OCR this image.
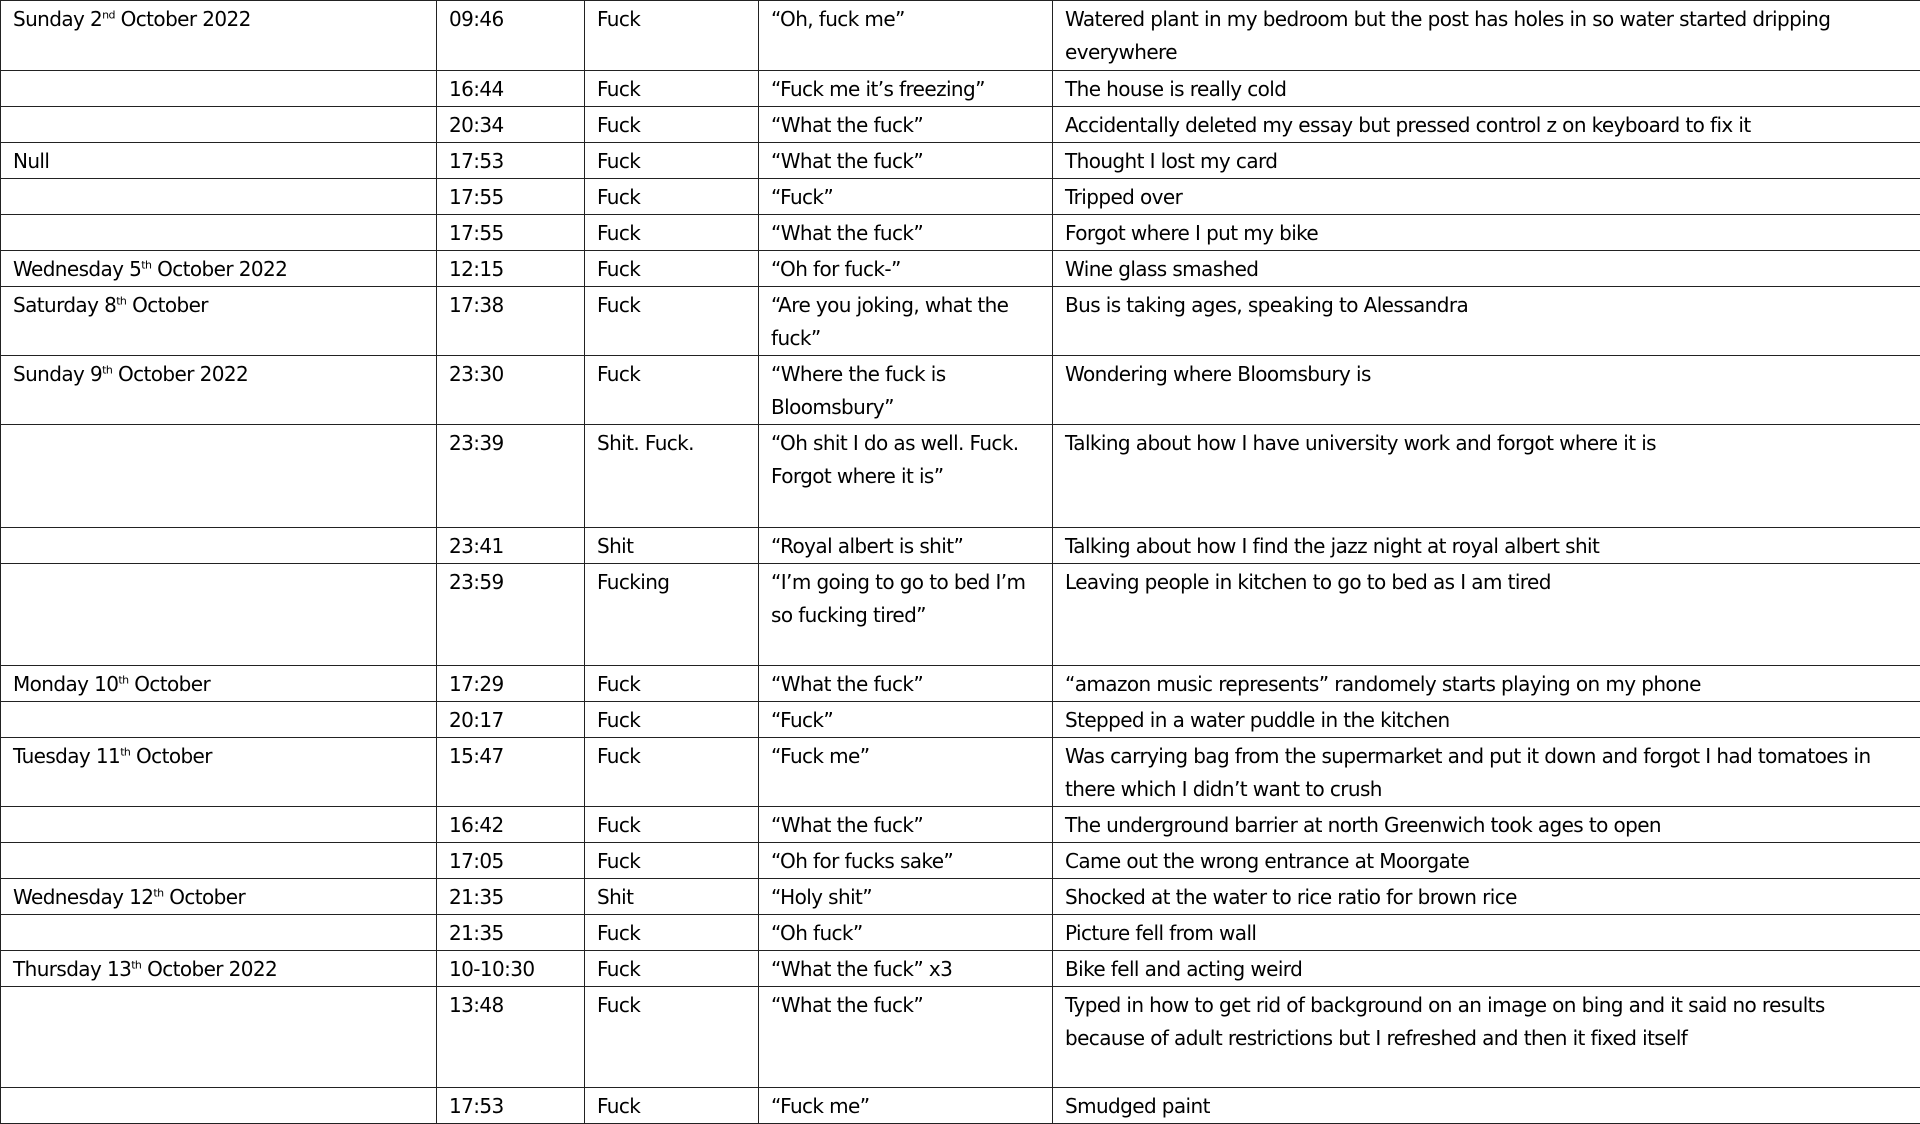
Sunday 2nd October 2022	09:46	Fuck	“Oh, fuck me”	Watered plant in my bedroom but the post has holes in so water started dripping everywhere
	16:44	Fuck	“Fuck me it’s freezing”	The house is really cold
	20:34	Fuck	“What the fuck”	Accidentally deleted my essay but pressed control z on keyboard to fix it
Null	17:53	Fuck	“What the fuck”	Thought I lost my card
	17:55	Fuck	“Fuck”	Tripped over
	17:55	Fuck	“What the fuck”	Forgot where I put my bike
Wednesday 5th October 2022	12:15	Fuck	“Oh for fuck-”	Wine glass smashed
Saturday 8th October	17:38	Fuck	“Are you joking, what the fuck”	Bus is taking ages, speaking to Alessandra
Sunday 9th October 2022	23:30	Fuck	“Where the fuck is Bloomsbury”	Wondering where Bloomsbury is
	23:39	Shit. Fuck.	“Oh shit I do as well. Fuck. Forgot where it is”	Talking about how I have university work and forgot where it is
	23:41	Shit	“Royal albert is shit”	Talking about how I find the jazz night at royal albert shit
	23:59	Fucking	“I’m going to go to bed I’m so fucking tired”	Leaving people in kitchen to go to bed as I am tired
Monday 10th October	17:29	Fuck	“What the fuck”	“amazon music represents” randomely starts playing on my phone
	20:17	Fuck	“Fuck”	Stepped in a water puddle in the kitchen
Tuesday 11th October	15:47	Fuck	“Fuck me”	Was carrying bag from the supermarket and put it down and forgot I had tomatoes in there which I didn’t want to crush
	16:42	Fuck	“What the fuck”	The underground barrier at north Greenwich took ages to open
	17:05	Fuck	“Oh for fucks sake”	Came out the wrong entrance at Moorgate
Wednesday 12th October	21:35	Shit	“Holy shit”	Shocked at the water to rice ratio for brown rice
	21:35	Fuck	“Oh fuck”	Picture fell from wall
Thursday 13th October 2022	10-10:30	Fuck	“What the fuck” x3	Bike fell and acting weird
	13:48	Fuck	“What the fuck”	Typed in how to get rid of background on an image on bing and it said no results because of adult restrictions but I refreshed and then it fixed itself
	17:53	Fuck	“Fuck me”	Smudged paint
